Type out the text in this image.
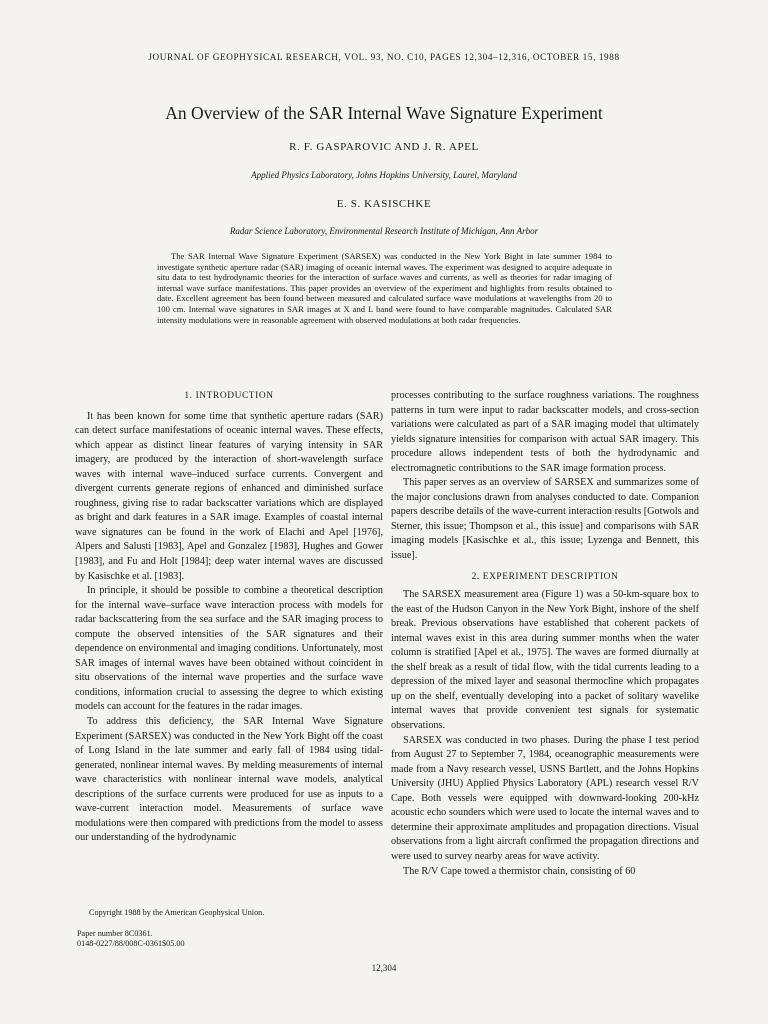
JOURNAL OF GEOPHYSICAL RESEARCH, VOL. 93, NO. C10, PAGES 12,304–12,316, OCTOBER 15, 1988
An Overview of the SAR Internal Wave Signature Experiment
R. F. GASPAROVIC AND J. R. APEL
Applied Physics Laboratory, Johns Hopkins University, Laurel, Maryland
E. S. KASISCHKE
Radar Science Laboratory, Environmental Research Institute of Michigan, Ann Arbor
The SAR Internal Wave Signature Experiment (SARSEX) was conducted in the New York Bight in late summer 1984 to investigate synthetic aperture radar (SAR) imaging of oceanic internal waves. The experiment was designed to acquire adequate in situ data to test hydrodynamic theories for the interaction of surface waves and currents, as well as theories for radar imaging of internal wave surface manifestations. This paper provides an overview of the experiment and highlights from results obtained to date. Excellent agreement has been found between measured and calculated surface wave modulations at wavelengths from 20 to 100 cm. Internal wave signatures in SAR images at X and L band were found to have comparable magnitudes. Calculated SAR intensity modulations were in reasonable agreement with observed modulations at both radar frequencies.
1. INTRODUCTION

It has been known for some time that synthetic aperture radars (SAR) can detect surface manifestations of oceanic internal waves. These effects, which appear as distinct linear features of varying intensity in SAR imagery, are produced by the interaction of short-wavelength surface waves with internal wave–induced surface currents. Convergent and divergent currents generate regions of enhanced and diminished surface roughness, giving rise to radar backscatter variations which are displayed as bright and dark features in a SAR image. Examples of coastal internal wave signatures can be found in the work of Elachi and Apel [1976], Alpers and Salusti [1983], Apel and Gonzalez [1983], Hughes and Gower [1983], and Fu and Holt [1984]; deep water internal waves are discussed by Kasischke et al. [1983].

In principle, it should be possible to combine a theoretical description for the internal wave–surface wave interaction process with models for radar backscattering from the sea surface and the SAR imaging process to compute the observed intensities of the SAR signatures and their dependence on environmental and imaging conditions. Unfortunately, most SAR images of internal waves have been obtained without coincident in situ observations of the internal wave properties and the surface wave conditions, information crucial to assessing the degree to which existing models can account for the features in the radar images.

To address this deficiency, the SAR Internal Wave Signature Experiment (SARSEX) was conducted in the New York Bight off the coast of Long Island in the late summer and early fall of 1984 using tidal-generated, nonlinear internal waves. By melding measurements of internal wave characteristics with nonlinear internal wave models, analytical descriptions of the surface currents were produced for use as inputs to a wave-current interaction model. Measurements of surface wave modulations were then compared with predictions from the model to assess our understanding of the hydrodynamic

processes contributing to the surface roughness variations. The roughness patterns in turn were input to radar backscatter models, and cross-section variations were calculated as part of a SAR imaging model that ultimately yields signature intensities for comparison with actual SAR imagery. This procedure allows independent tests of both the hydrodynamic and electromagnetic contributions to the SAR image formation process.

This paper serves as an overview of SARSEX and summarizes some of the major conclusions drawn from analyses conducted to date. Companion papers describe details of the wave-current interaction results [Gotwols and Sterner, this issue; Thompson et al., this issue] and comparisons with SAR imaging models [Kasischke et al., this issue; Lyzenga and Bennett, this issue].

2. EXPERIMENT DESCRIPTION

The SARSEX measurement area (Figure 1) was a 50-km-square box to the east of the Hudson Canyon in the New York Bight, inshore of the shelf break. Previous observations have established that coherent packets of internal waves exist in this area during summer months when the water column is stratified [Apel et al., 1975]. The waves are formed diurnally at the shelf break as a result of tidal flow, with the tidal currents leading to a depression of the mixed layer and seasonal thermocline which propagates up on the shelf, eventually developing into a packet of solitary wavelike internal waves that provide convenient test signals for systematic observations.

SARSEX was conducted in two phases. During the phase I test period from August 27 to September 7, 1984, oceanographic measurements were made from a Navy research vessel, USNS Bartlett, and the Johns Hopkins University (JHU) Applied Physics Laboratory (APL) research vessel R/V Cape. Both vessels were equipped with downward-looking 200-kHz acoustic echo sounders which were used to locate the internal waves and to determine their approximate amplitudes and propagation directions. Visual observations from a light aircraft confirmed the propagation directions and were used to survey nearby areas for wave activity.

The R/V Cape towed a thermistor chain, consisting of 60

Copyright 1988 by the American Geophysical Union.
Paper number 8C0361.
0148-0227/88/008C-0361$05.00
12,304
